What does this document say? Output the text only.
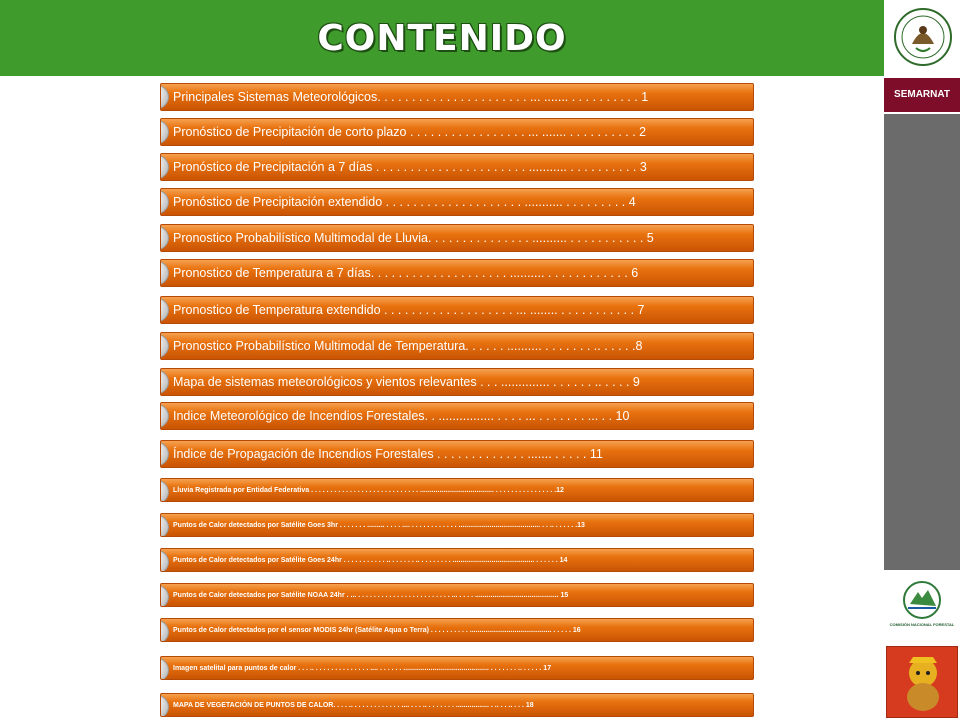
CONTENIDO
SEMARNAT
COMISIÓN NACIONAL FORESTAL
Principales Sistemas Meteorológicos. . . . . . . . . . . . . . . . . . . . . . ... ....... . . . . . . . . . . 1
Pronóstico de Precipitación de corto plazo . . . . . . . . . . . . . . . . . ... ....... . . . . . . . . . . 2
Pronóstico de Precipitación a 7 días . . . . . . . . . . . . . . . . . . . . . . ........... . . . . . . . . . . 3
Pronóstico de Precipitación extendido . . . . . . . . . . . . . . . . . . . . ........... . . . . . . . . . 4
Pronostico Probabilístico Multimodal de Lluvia. . . . . . . . . . . . . . . .......... . . . . . . . . . . . 5
Pronostico de Temperatura a 7 días. . . . . . . . . . . . . . . . . . . . .......... . . . . . . . . . . . . 6
Pronostico de Temperatura extendido . . . . . . . . . . . . . . . . . . . ... ........ . . . . . . . . . . . 7
Pronostico Probabilístico Multimodal de Temperatura. . . . . . .......... . . . . . . . .. . . . . .8
Mapa de sistemas meteorológicos y vientos relevantes . . . .............. . . . . . . .. . . . . 9
Indice Meteorológico de Incendios Forestales. . ................ . . . . ... . . . . . . . ... . . 10
Índice de Propagación de Incendios Forestales . . . . . . . . . . . . . ....... . . . . . 11
Lluvia Registrada por Entidad Federativa . . . . . . . . . . . . . . . . . . . . . . . . . . . . ...................................... . . . . . . . . . . . . . . . .12
Puntos de Calor detectados por Satélite Goes 3hr . . . . . . . ......... . . . . .... . . . . . . . . . . . . .......................................... . . .. . . . . . .13
Puntos de Calor detectados por Satélite Goes 24hr . . . . . . . . . . . .. . . . . . . .. . . . . . . . . .......................................... . . . . . . 14
Puntos de Calor detectados por Satélite NOAA 24hr . ... . . . . . . . . . . . . . . . . . . . . . . . . ... . . . . ........................................... 15
Puntos de Calor detectados por el sensor MODIS 24hr (Satélite Aqua o Terra) . . . . . . . . . . .......................................... . . . . . 16
Imagen satelital para puntos de calor . . . .. . . . . . . . . . . . . . . .... . . . . . . ............................................ . . . . . . . .. . . . . . 17
MAPA DE VEGETACIÓN DE PUNTOS DE CALOR. . . . .. . . . . . . . . . . . . .... . . . .. . . . . . . . ................. . .. . . .. . . . 18
